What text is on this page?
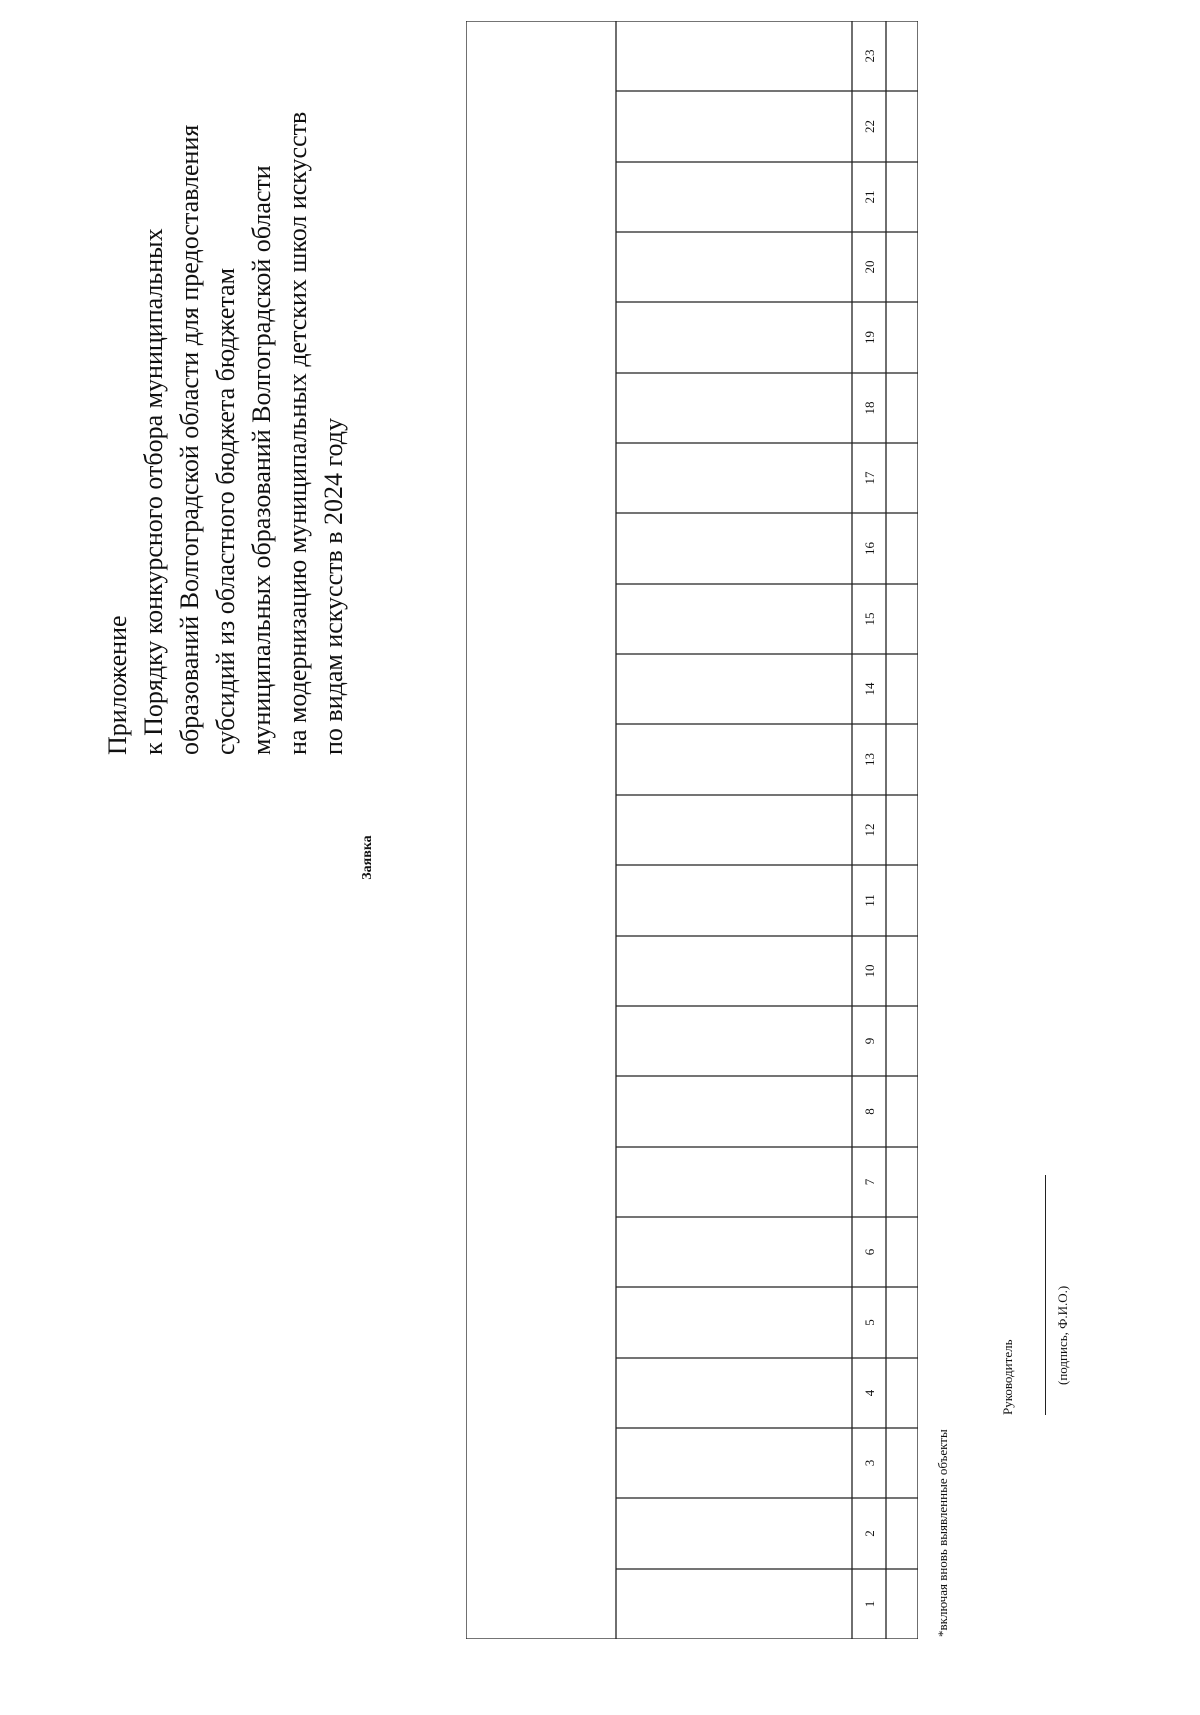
Приложение к Порядку конкурсного отбора муниципальных образований Волгоградской области для предоставления субсидий из областного бюджета бюджетам муниципальных образований Волгоградской области на модернизацию муниципальных детских школ искусств по видам искусств в 2024 году
Заявка
1
2
3
4
5
6
7
8
9
10
11
12
13
14
15
16
17
18
19
20
21
22
23
*включая вновь выявленные объекты
Руководитель	(подпись, Ф.И.О.)
